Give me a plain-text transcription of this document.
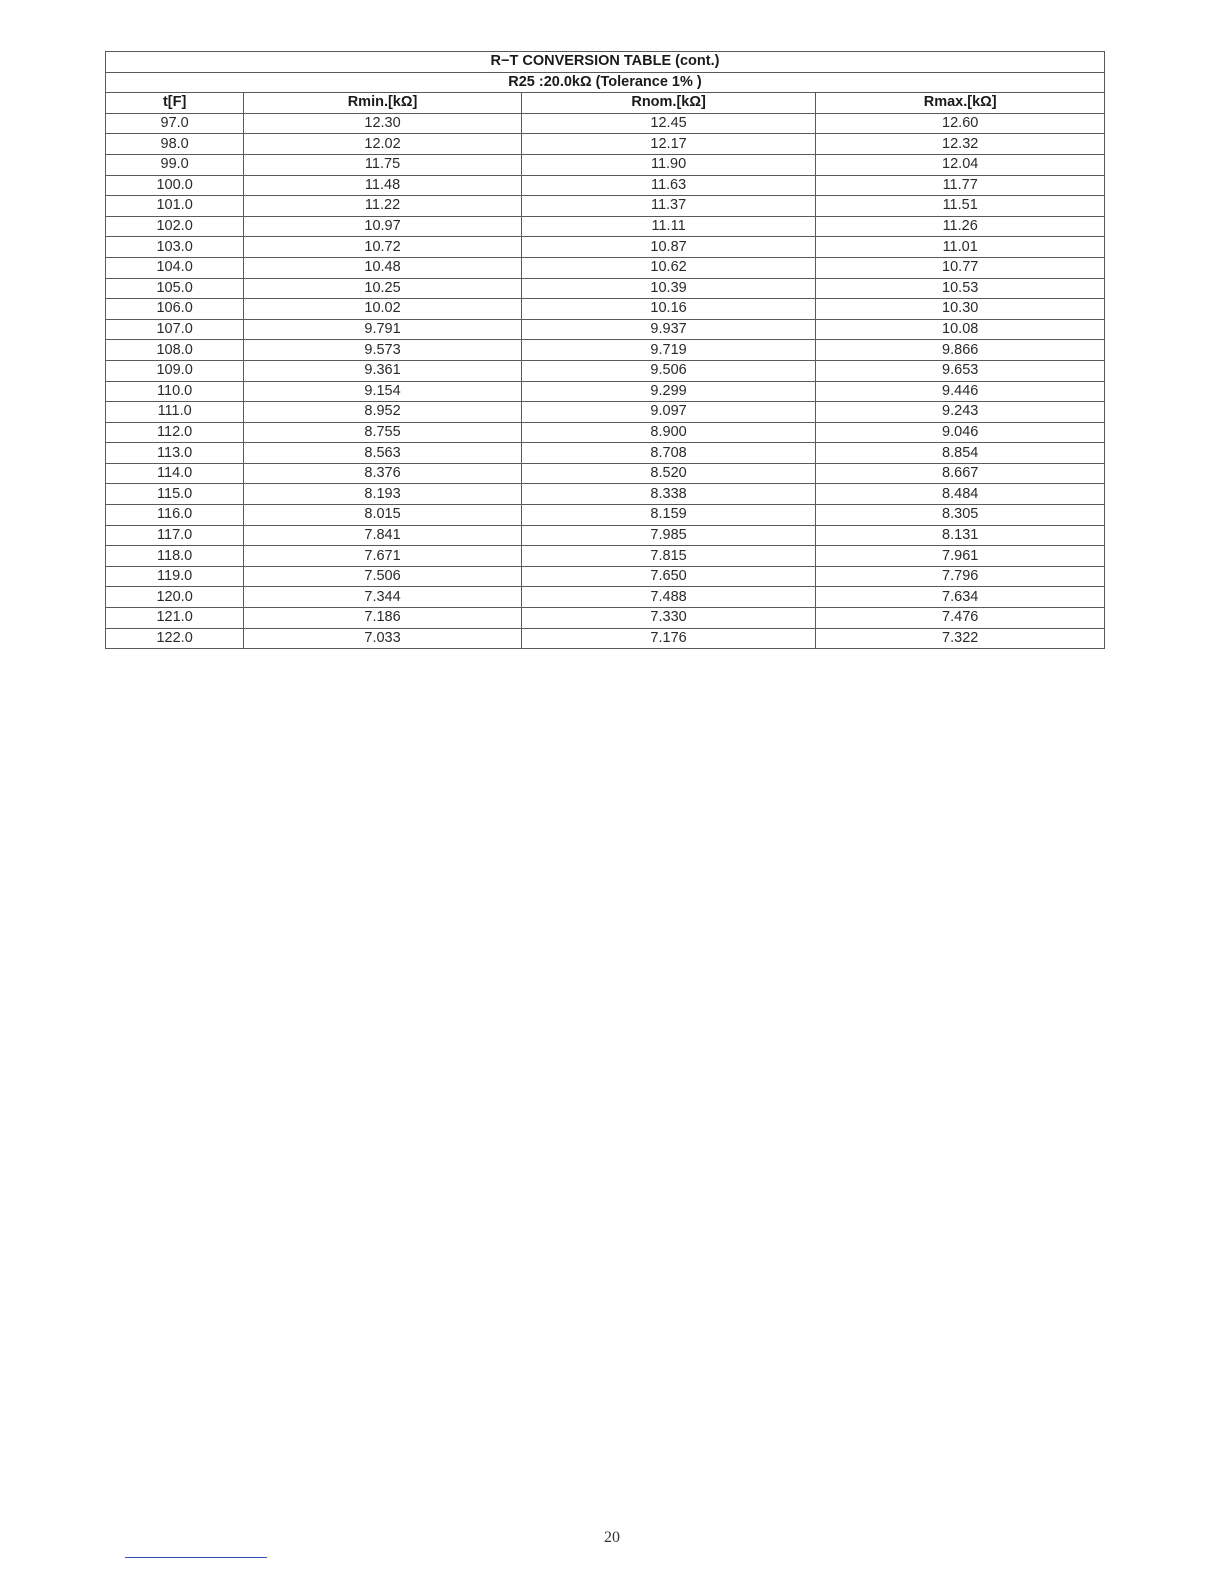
R−T CONVERSION TABLE (cont.)			
R25 :20.0kΩ (Tolerance 1% )			
t[F]	Rmin.[kΩ]	Rnom.[kΩ]	Rmax.[kΩ]
97.0	12.30	12.45	12.60
98.0	12.02	12.17	12.32
99.0	11.75	11.90	12.04
100.0	11.48	11.63	11.77
101.0	11.22	11.37	11.51
102.0	10.97	11.11	11.26
103.0	10.72	10.87	11.01
104.0	10.48	10.62	10.77
105.0	10.25	10.39	10.53
106.0	10.02	10.16	10.30
107.0	9.791	9.937	10.08
108.0	9.573	9.719	9.866
109.0	9.361	9.506	9.653
110.0	9.154	9.299	9.446
111.0	8.952	9.097	9.243
112.0	8.755	8.900	9.046
113.0	8.563	8.708	8.854
114.0	8.376	8.520	8.667
115.0	8.193	8.338	8.484
116.0	8.015	8.159	8.305
117.0	7.841	7.985	8.131
118.0	7.671	7.815	7.961
119.0	7.506	7.650	7.796
120.0	7.344	7.488	7.634
121.0	7.186	7.330	7.476
122.0	7.033	7.176	7.322
20
